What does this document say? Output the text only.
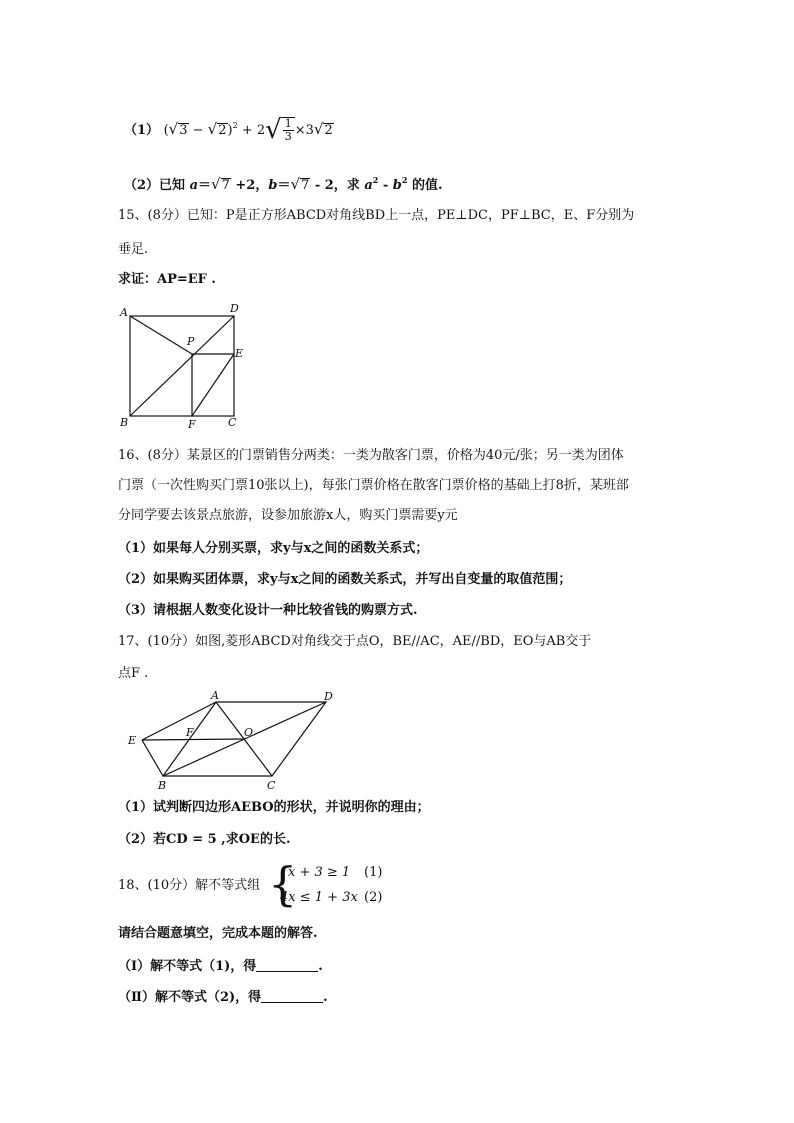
（1） $(√3 - √2)^2 + 2√ \frac{1}{3} \times 3√2$
（2）已知 a＝√7 +2，b＝√7 - 2，求 $a^2 - b^2$ 的值.
15、(8分）已知：P是正方形ABCD对角线BD上一点，PE⊥DC，PF⊥BC，E、F分别为
垂足.
求证：AP=EF .
A	D
P
E
B	F	C
16、(8分）某景区的门票销售分两类：一类为散客门票，价格为40元/张；另一类为团体
门票（一次性购买门票10张以上)，每张门票价格在散客门票价格的基础上打8折，某班部
分同学要去该景点旅游，设参加旅游x人，购买门票需要y元
（1）如果每人分别买票，求y与x之间的函数关系式；
（2）如果购买团体票，求y与x之间的函数关系式，并写出自变量的取值范围；
（3）请根据人数变化设计一种比较省钱的购票方式.
17、(10分）如图,菱形ABCD对角线交于点O，BE//AC，AE//BD，EO与AB交于
点F .
A	D
E
F	O
B	C
（1）试判断四边形AEBO的形状，并说明你的理由；
（2）若CD = 5 ,求OE的长.
18、(10分）解不等式组 {
x + 3 ≥ 1 (1)
4x ≤ 1 + 3x (2)
请结合题意填空，完成本题的解答.
（Ⅰ）解不等式（1)，得	.
（Ⅱ）解不等式（2)，得	.
